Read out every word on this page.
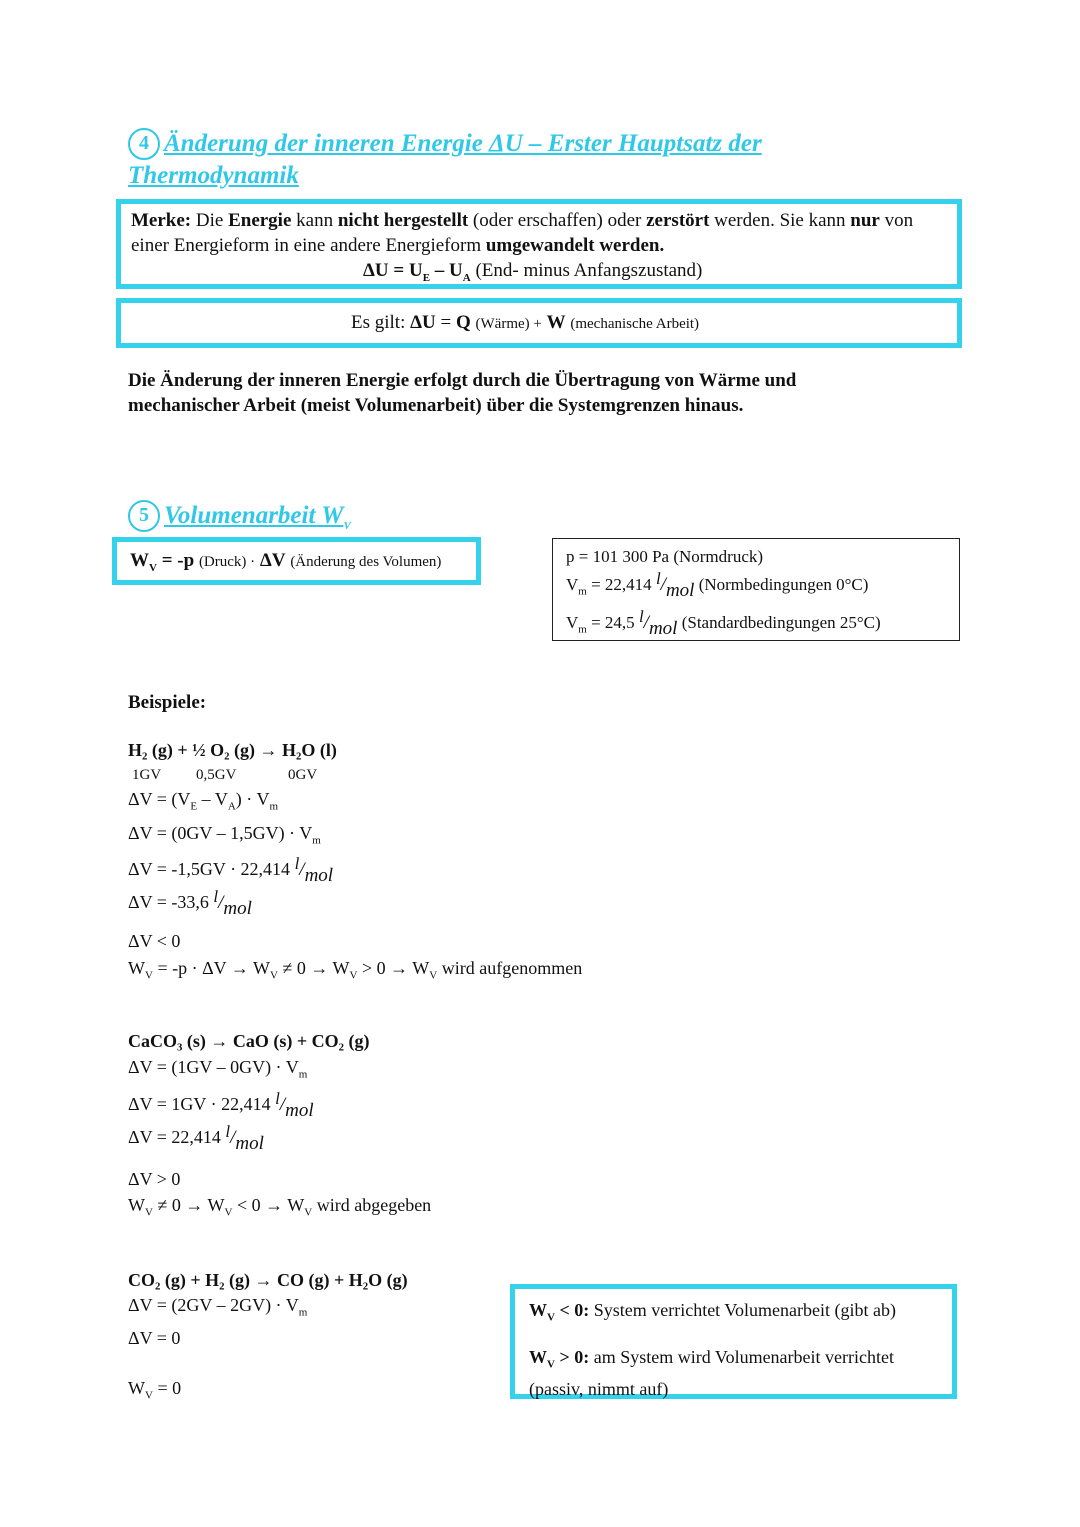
4 Änderung der inneren Energie ΔU – Erster Hauptsatz der
Thermodynamik
Merke: Die Energie kann nicht hergestellt (oder erschaffen) oder zerstört werden. Sie kann nur von
einer Energieform in eine andere Energieform umgewandelt werden.
$\Delta U = U_E - U_A$ (End- minus Anfangszustand)
Es gilt: ΔU = Q (Wärme) + W (mechanische Arbeit)
Die Änderung der inneren Energie erfolgt durch die Übertragung von Wärme und
mechanischer Arbeit (meist Volumenarbeit) über die Systemgrenzen hinaus.
5 Volumenarbeit $W_V$
$W_V = -p$ (Druck) · ΔV (Änderung des Volumen)	p = 101 300 Pa (Normdruck)
$V_m = 22,414$ l/mol (Normbedingungen 0°C)
$V_m = 24,5$ l/mol (Standardbedingungen 25°C)
Beispiele:
H₂ (g) + ½ O₂ (g) → H₂O (l)
1GV 0,5GV	0GV
$\Delta V = (V_E - V_A) \cdot V_m$
$\Delta V = (0GV - 1,5GV) \cdot V_m$
ΔV = -1,5GV · 22,414 l/mol
ΔV = -33,6 l/mol
ΔV < 0
$W_V = -p \cdot \Delta V \to W_V \ne 0 \to W_V > 0 \to W_V$ wird aufgenommen
CaCO₃ (s) → CaO (s) + CO₂ (g)
$\Delta V = (1GV - 0GV) \cdot V_m$
ΔV = 1GV · 22,414 l/mol
ΔV = 22,414 l/mol
ΔV > 0
$W_V \ne 0 \to W_V < 0 \to W_V$ wird abgegeben
CO₂ (g) + H₂ (g) → CO (g) + H₂O (g)
$\Delta V = (2GV - 2GV) \cdot V_m$
ΔV = 0
$W_V = 0$
$W_V < 0$: System verrichtet Volumenarbeit (gibt ab)
$W_V > 0$: am System wird Volumenarbeit verrichtet
(passiv, nimmt auf)
